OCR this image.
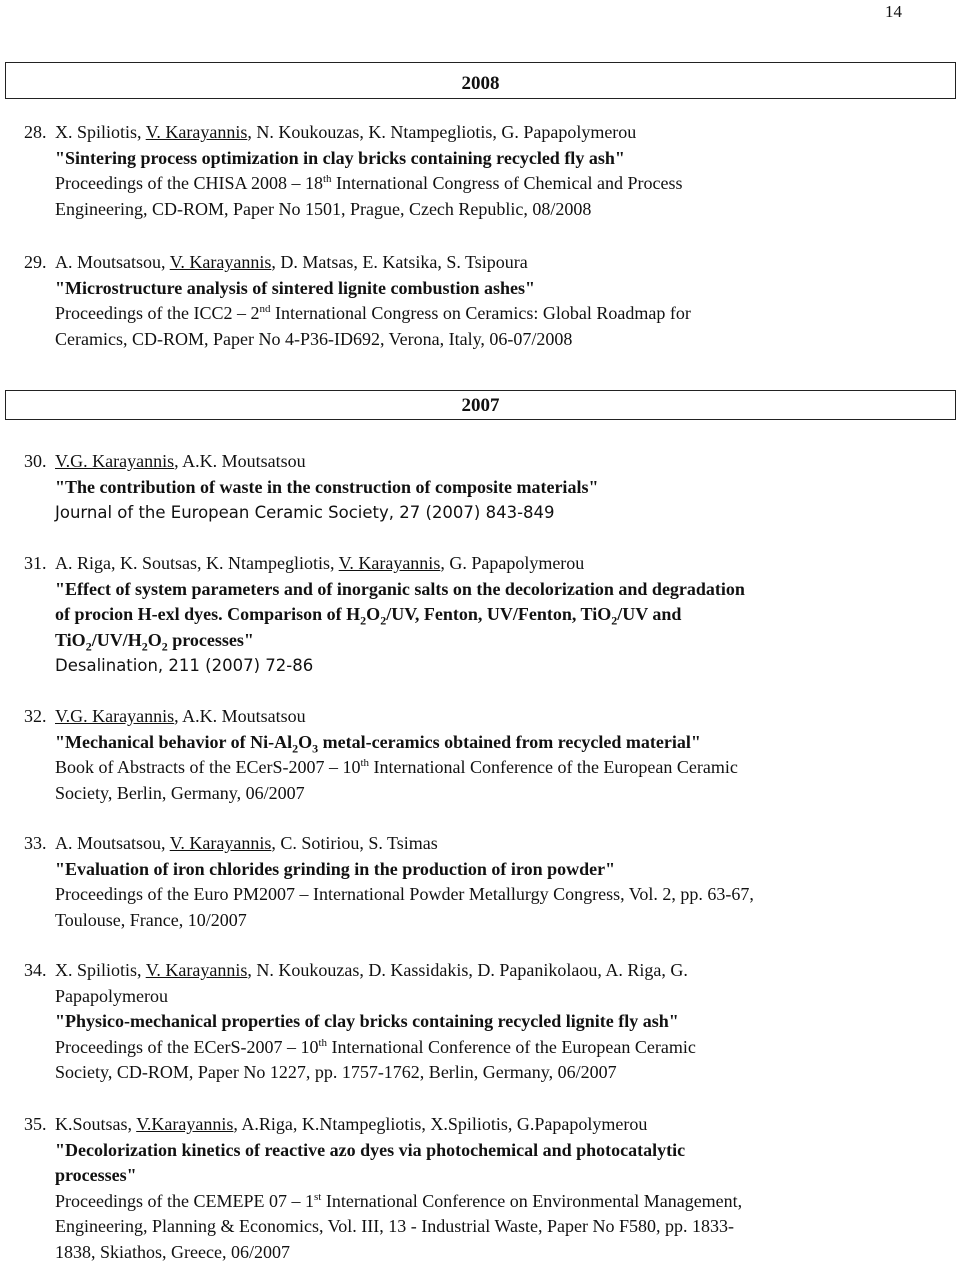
14
2008
28. X. Spiliotis, V. Karayannis, N. Koukouzas, K. Ntampegliotis, G. Papapolymerou
"Sintering process optimization in clay bricks containing recycled fly ash"
Proceedings of the CHISA 2008 – 18th International Congress of Chemical and Process
Engineering, CD-ROM, Paper No 1501, Prague, Czech Republic, 08/2008
29. A. Moutsatsou, V. Karayannis, D. Matsas, E. Katsika, S. Tsipoura
"Microstructure analysis of sintered lignite combustion ashes"
Proceedings of the ICC2 – 2nd International Congress on Ceramics: Global Roadmap for
Ceramics, CD-ROM, Paper No 4-P36-ID692, Verona, Italy, 06-07/2008
2007
30. V.G. Karayannis, A.K. Moutsatsou
"The contribution of waste in the construction of composite materials"
Journal of the European Ceramic Society, 27 (2007) 843-849
31. A. Riga, K. Soutsas, K. Ntampegliotis, V. Karayannis, G. Papapolymerou
"Effect of system parameters and of inorganic salts on the decolorization and degradation
of procion H-exl dyes. Comparison of $H_2O_2/UV$, Fenton, UV/Fenton, TiO$_2$/UV and
$TiO_2/UV/H_2O_2$ processes"
Desalination, 211 (2007) 72-86
32. V.G. Karayannis, A.K. Moutsatsou
"Mechanical behavior of $Ni-Al_2O_3$ metal-ceramics obtained from recycled material"
Book of Abstracts of the ECerS-2007 – 10th International Conference of the European Ceramic
Society, Berlin, Germany, 06/2007
33. A. Moutsatsou, V. Karayannis, C. Sotiriou, S. Tsimas
"Evaluation of iron chlorides grinding in the production of iron powder"
Proceedings of the Euro PM2007 – International Powder Metallurgy Congress, Vol. 2, pp. 63-67,
Toulouse, France, 10/2007
34. X. Spiliotis, V. Karayannis, N. Koukouzas, D. Kassidakis, D. Papanikolaou, A. Riga, G.
Papapolymerou
"Physico-mechanical properties of clay bricks containing recycled lignite fly ash"
Proceedings of the ECerS-2007 – 10th International Conference of the European Ceramic
Society, CD-ROM, Paper No 1227, pp. 1757-1762, Berlin, Germany, 06/2007
35. K.Soutsas, V.Karayannis, A.Riga, K.Ntampegliotis, X.Spiliotis, G.Papapolymerou
"Decolorization kinetics of reactive azo dyes via photochemical and photocatalytic
processes"
Proceedings of the CEMEPE 07 – 1st International Conference on Environmental Management,
Engineering, Planning & Economics, Vol. III, 13 - Industrial Waste, Paper No F580, pp. 1833-
1838, Skiathos, Greece, 06/2007
